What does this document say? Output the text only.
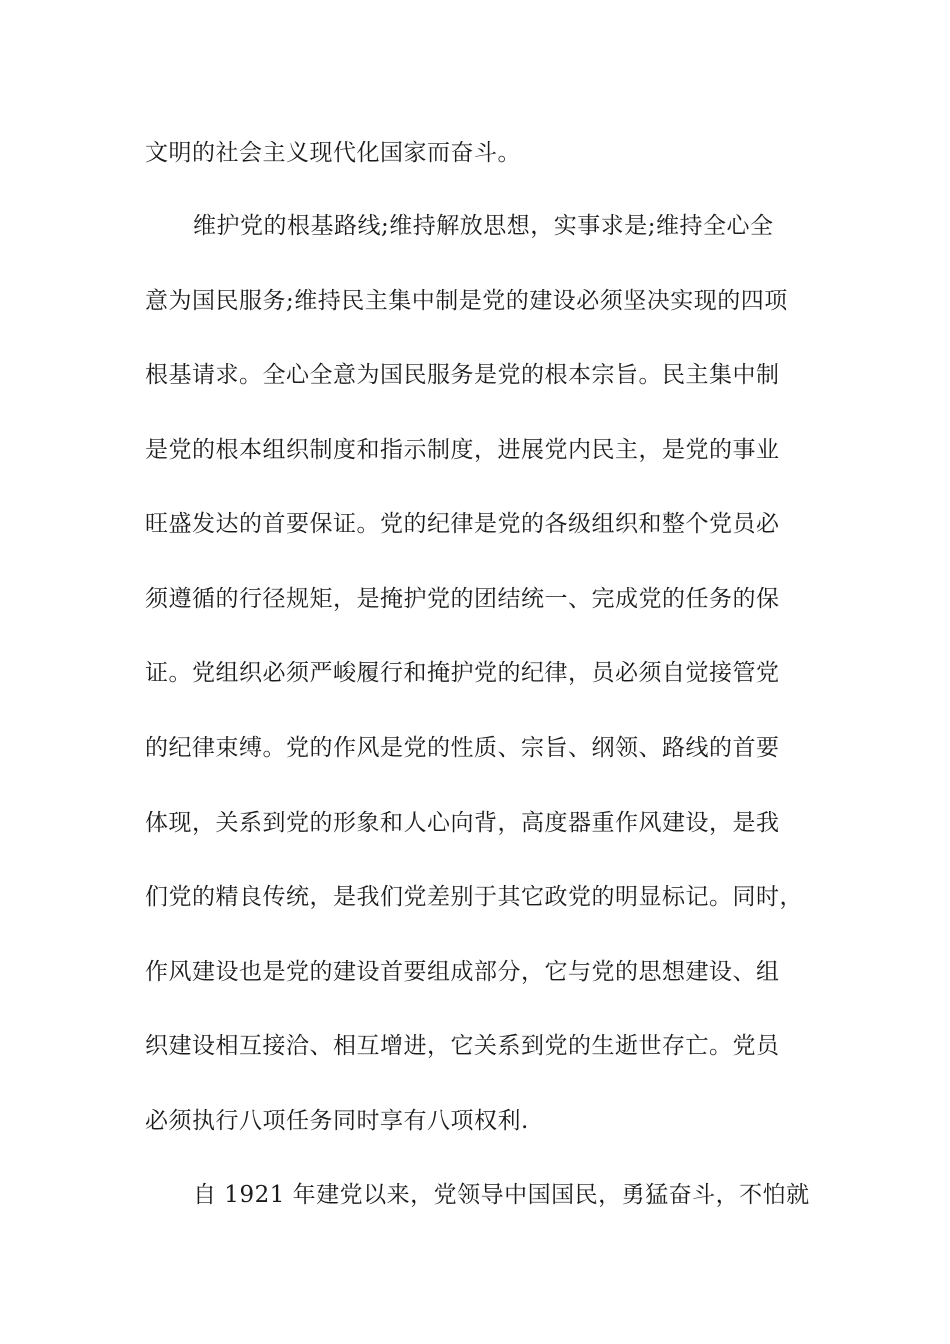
文明的社会主义现代化国家而奋斗。
维护党的根基路线;维持解放思想，实事求是;维持全心全
意为国民服务;维持民主集中制是党的建设必须坚决实现的四项
根基请求。全心全意为国民服务是党的根本宗旨。民主集中制
是党的根本组织制度和指示制度，进展党内民主，是党的事业
旺盛发达的首要保证。党的纪律是党的各级组织和整个党员必
须遵循的行径规矩，是掩护党的团结统一、完成党的任务的保
证。党组织必须严峻履行和掩护党的纪律，员必须自觉接管党
的纪律束缚。党的作风是党的性质、宗旨、纲领、路线的首要
体现，关系到党的形象和人心向背，高度器重作风建设，是我
们党的精良传统，是我们党差别于其它政党的明显标记。同时，
作风建设也是党的建设首要组成部分，它与党的思想建设、组
织建设相互接洽、相互增进，它关系到党的生逝世存亡。党员
必须执行八项任务同时享有八项权利.
自 1921 年建党以来，党领导中国国民，勇猛奋斗，不怕就
